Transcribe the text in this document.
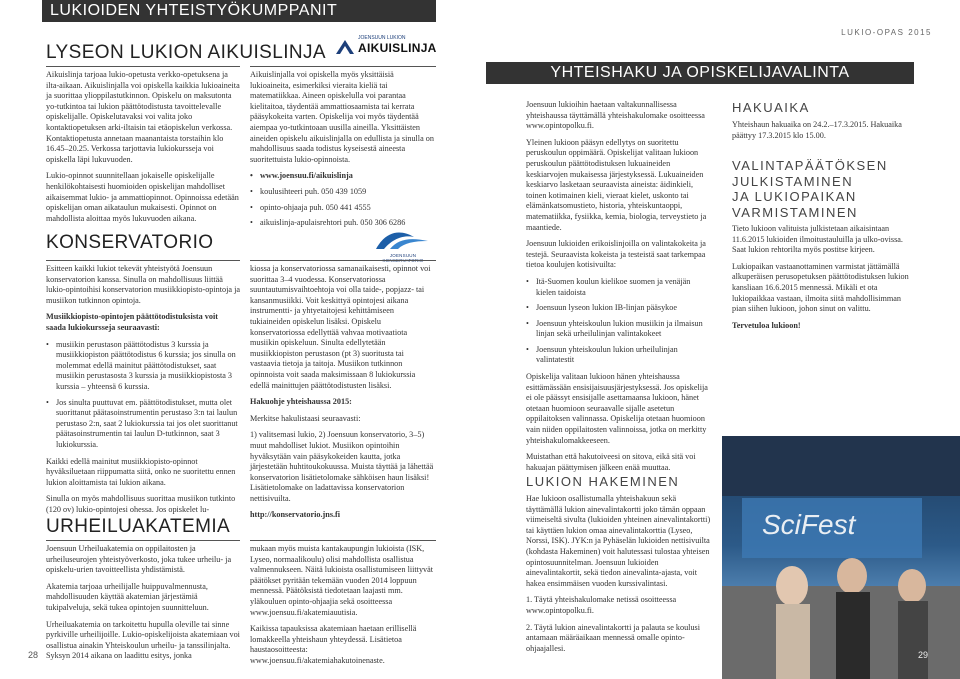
LUKIOIDEN YHTEISTYÖKUMPPANIT
LYSEON LUKION AIKUISLINJA
JOENSUUN LUKION
AIKUISLINJA

Aikuislinja tarjoaa lukio-opetusta verkko-opetuksena ja ilta-aikaan. Aikuislinjalla voi opiskella kaikkia lukioaineita ja suorittaa ylioppilastutkinnon. Opiskelu on maksutonta yo-tutkintoa tai lukion päättötodistusta tavoittelevalle opiskelijalle. Opiskelutavaksi voi valita joko kontaktiopetuksen arki-iltaisin tai etäopiskelun verkossa. Kontaktiopetusta annetaan maanantaista torstaihin klo 16.45–20.25. Verkossa tarjottavia lukiokursseja voi opiskella läpi lukuvuoden.

Lukio-opinnot suunnitellaan jokaiselle opiskelijalle henkilökohtaisesti huomioiden opiskelijan mahdolliset aikaisemmat lukio- ja ammattiopinnot. Opinnoissa edetään opiskelijan oman aikataulun mukaisesti. Opinnot on mahdollista aloittaa myös lukuvuoden aikana.

Aikuislinjalla voi opiskella myös yksittäisiä lukioaineita, esimerkiksi vieraita kieliä tai matematiikkaa. Aineen opiskelulla voi parantaa kielitaitoa, täydentää ammattiosaamista tai kerrata pääsykokeita varten. Opiskelija voi myös täydentää aiempaa yo-tutkintoaan uusilla aineilla. Yksittäisten aineiden opiskelu aikuislinjalla on edullista ja sinulla on mahdollisuus saada todistus kyseisestä aineesta suoritettuista lukio-opinnoista.

• www.joensuu.fi/aikuislinja
• koulusihteeri puh. 050 439 1059
• opinto-ohjaaja puh. 050 441 4555
• aikuislinja-apulaisrehtori puh. 050 306 6286
KONSERVATORIO
JOENSUUN

Esitteen kaikki lukiot tekevät yhteistyötä Joensuun konservatorion kanssa. Sinulla on mahdollisuus liittää lukio-opintoihisi konservatorion musiikkiopisto-opintoja ja musiikon tutkinnon opintoja.

Musiikkiopisto-opintojen päättötodistuksista voit saada lukiokursseja seuraavasti:

• musiikin perustason päättötodistus 3 kurssia ja musiikkiopiston päättötodistus 6 kurssia; jos sinulla on molemmat edellä mainitut päättötodistukset, saat musiikin perustasosta 3 kurssia ja musiikkiopistosta 3 kurssia – yhteensä 6 kurssia.
• Jos sinulta puuttuvat em. päättötodistukset, mutta olet suorittanut päätasoinstrumentin perustaso 3:n tai laulun perustaso 2:n, saat 2 lukiokurssia tai jos olet suorittanut päätasoinstrumentin tai laulun D-tutkinnon, saat 3 lukiokurssia.

Kaikki edellä mainitut musiikkiopisto-opinnot hyväksiluetaan riippumatta siitä, onko ne suoritettu ennen lukion aloittamista tai lukion aikana.

Sinulla on myös mahdollisuus suorittaa musiikon tutkinto (120 ov) lukio-opintojesi ohessa. Jos opiskelet lu-

kiossa ja konservatoriossa samanaikaisesti, opinnot voi suorittaa 3–4 vuodessa. Konservatoriossa suuntautumisvaihtoehtoja voi olla taide-, popjazz- tai kansanmusiikki. Voit keskittyä opintojesi aikana instrumentti- ja yhtyetaitojesi kehittämiseen tukiaineiden opiskelun lisäksi. Opiskelu konservatoriossa edellyttää vahvaa motivaatiota musiikin opiskeluun. Sinulta edellytetään musiikkiopiston perustason (pt 3) suoritusta tai vastaavia tietoja ja taitoja. Musiikon tutkinnon opinnoista voit saada maksimissaan 8 lukiokurssia edellä mainittujen päättötodistusten lisäksi.

Hakuohje yhteishaussa 2015:

Merkitse hakulistaasi seuraavasti:

1) valitsemasi lukio, 2) Joensuun konservatorio, 3–5) muut mahdolliset lukiot. Musiikon opintoihin hyväksytään vain pääsykokeiden kautta, jotka järjestetään huhtitoukokuussa. Muista täyttää ja lähettää konservatorion lisätietolomake sähköisen haun lisäksi! Lisätietolomake on ladattavissa konservatorion nettisivuilta.

http://konservatorio.jns.fi

URHEILUAKATEMIA

Joensuun Urheiluakatemia on oppilaitosten ja urheiluseurojen yhteistyöverkosto, joka tukee urheilu- ja opiskelu-urien tavoitteellista yhdistämistä.

Akatemia tarjoaa urheilijalle huippuvalmennusta, mahdollisuuden käyttää akatemian järjestämiä tukipalveluja, sekä tukea opintojen suunnitteluun.

Urheiluakatemia on tarkoitettu hupulla oleville tai sinne pyrkiville urheilijoille. Lukio-opiskelijoista akatemiaan voi osallistua ainakin Yhteiskoulun urheilu- ja tanssilinjalta. Syksyn 2014 aikana on laadittu esitys, jonka

mukaan myös muista kantakaupungin lukioista (ISK, Lyseo, normaalikoulu) olisi mahdollista osallistua valmennukseen. Näitä lukioista osallistumiseen liittyvät päätökset pyritään tekemään vuoden 2014 loppuun mennessä. Päätöksistä tiedotetaan laajasti mm. yläkouluen opinto-ohjaajia sekä osoitteessa www.joensuu.fi/akatemiauutisia.

Kaikissa tapauksissa akatemiaan haetaan erillisellä lomakkeella yhteishaun yhteydessä. Lisätietoa haustaosoitteesta: www.joensuu.fi/akatemiahakutoinenaste.

28
LUKIO-OPAS 2015
YHTEISHAKU JA OPISKELIJAVALINTA

Joensuun lukioihin haetaan valtakunnallisessa yhteishaussa täyttämällä yhteishakulomake osoitteessa www.opintopolku.fi.

Yleinen lukioon pääsyn edellytys on suoritettu peruskoulun oppimäärä. Opiskelijat valitaan lukioon peruskoulun päättötodistuksen lukuaineiden keskiarvojen mukaisessa järjestyksessä. Lukuaineiden keskiarvo lasketaan seuraavista aineista: äidinkieli, toinen kotimainen kieli, vieraat kielet, uskonto tai elämänkatsomustieto, historia, yhteiskuntaoppi, matematiikka, fysiikka, kemia, biologia, terveystieto ja maantiede.

Joensuun lukioiden erikoislinjoilla on valintakokeita ja testejä. Seuraavista kokeista ja testeistä saat tarkempaa tietoa koulujen kotisivuilta:

• Itä-Suomen koulun kielikoe suomen ja venäjän kielen taidoista
• Joensuun lyseon lukion IB-linjan pääsykoe
• Joensuun yhteiskoulun lukion musiikin ja ilmaisun linjan sekä urheilulinjan valintakokeet
• Joensuun yhteiskoulun lukion urheilulinjan valintatestit

Opiskelija valitaan lukioon hänen yhteishaussa esittämässään ensisijaisuusjärjestyksessä. Jos opiskelija ei ole päässyt ensisijalle asettamaansa lukioon, hänet otetaan huomioon seuraavalle sijalle asetetun oppilaitoksen valinnassa. Opiskelija otetaan huomioon vain niiden oppilaitosten valinnoissa, jotka on merkitty yhteishakulomakkeeseen.

Muistathan että hakutoiveesi on sitova, eikä sitä voi hakuajan päättymisen jälkeen enää muuttaa.

HAKUAIKA

Yhteishaun hakuaika on 24.2.–17.3.2015. Hakuaika päättyy 17.3.2015 klo 15.00.

VALINTAPÄÄTÖKSEN
JULKISTAMINEN
JA LUKIOPAIKAN
VARMISTAMINEN

Tieto lukioon valituista julkistetaan aikaisintaan 11.6.2015 lukioiden ilmoitustauluilla ja ulko-ovissa. Saat lukion rehtorilta myös postitse kirjeen.

Lukiopaikan vastaanottaminen varmistat jättämällä alkuperäisen perusopetuksen päättötodistuksen lukion kansliaan 16.6.2015 mennessä. Mikäli et ota lukiopaikkaa vastaan, ilmoita siitä mahdollisimman pian siihen lukioon, johon sinut on valittu.

Tervetuloa lukioon!

SciFest
LUKION HAKEMINEN

Hae lukioon osallistumalla yhteishakuun sekä täyttämällä lukion ainevalintakortti joko tämän oppaan viimeiseltä sivulta (lukioiden yhteinen ainevalintakortti) tai käyttäen lukion omaa ainevalintakorttia (Lyseo, Norssi, ISK). JYK:n ja Pyhäselän lukioiden nettisivuilta (kohdasta Hakeminen) voit halutessasi tulostaa yhteisen opintosuunnitelman. Joensuun lukioiden ainevalintakortit, sekä tiedon ainevalinta-ajasta, voit hakea ensimmäisen vuoden kurssivalintasi.

1. Täytä yhteishakulomake netissä osoitteessa www.opintopolku.fi.

2. Täytä lukion ainevalintakortti ja palauta se koulusi antamaan määräaikaan mennessä omalle opinto-ohjaajallesi.

29
